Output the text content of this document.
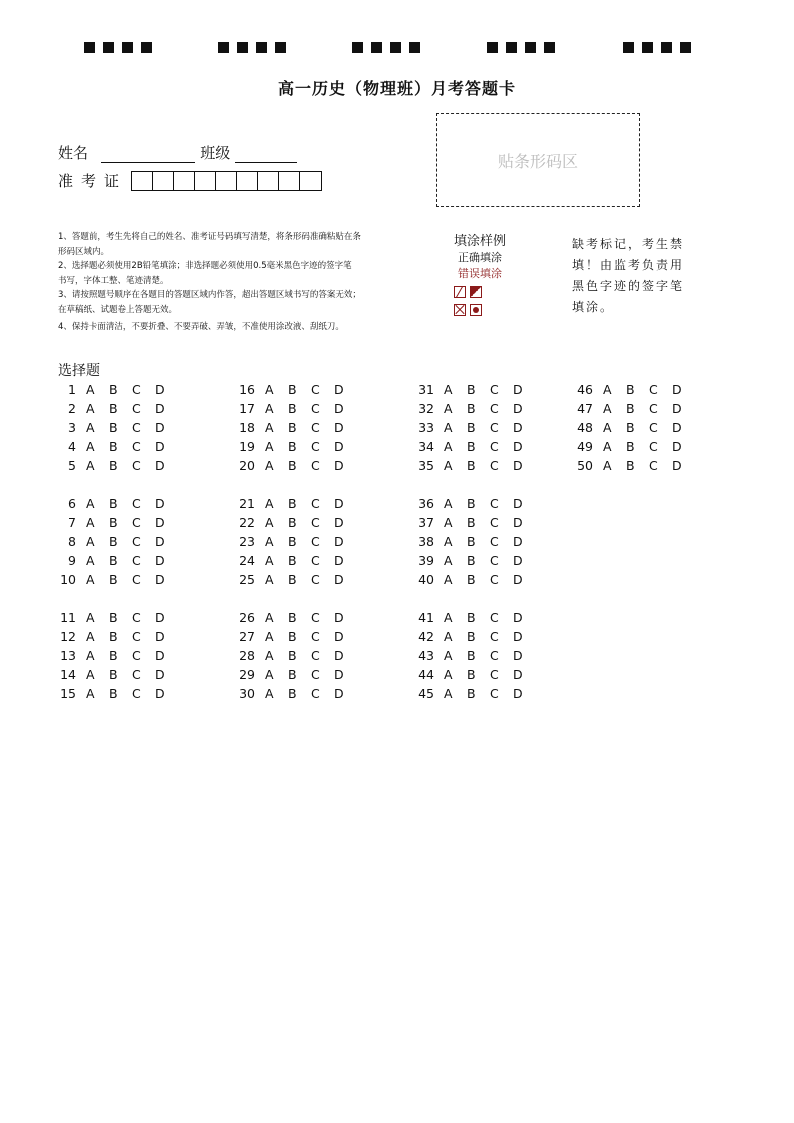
高一历史（物理班）月考答题卡
姓名	班级
准考证
贴条形码区
1、答题前，考生先将自己的姓名、准考证号码填写清楚，将条形码准确粘贴在条
形码区域内。
2、选择题必须使用2B铅笔填涂；非选择题必须使用0.5毫米黑色字迹的签字笔
书写，字体工整、笔迹清楚。
3、请按照题号顺序在各题目的答题区域内作答，超出答题区域书写的答案无效；
在草稿纸、试题卷上答题无效。
4、保持卡面清洁，不要折叠、不要弄破、弄皱，不准使用涂改液、刮纸刀。
填涂样例
正确填涂
错误填涂
缺考标记，考生禁填！由监考负责用黑色字迹的签字笔填涂。
选择题
1 A	B	C	D
2 A	B	C	D
3 A	B	C	D
4 A	B	C	D
5 A	B	C	D
6 A	B	C	D
7 A	B	C	D
8 A	B	C	D
9 A	B	C	D
10 A	B	C	D
11 A	B	C	D
12 A	B	C	D
13 A	B	C	D
14 A	B	C	D
15 A	B	C	D
16 A	B	C	D
17 A	B	C	D
18 A	B	C	D
19 A	B	C	D
20 A	B	C	D
21 A	B	C	D
22 A	B	C	D
23 A	B	C	D
24 A	B	C	D
25 A	B	C	D
26 A	B	C	D
27 A	B	C	D
28 A	B	C	D
29 A	B	C	D
30 A	B	C	D
31 A	B	C	D
32 A	B	C	D
33 A	B	C	D
34 A	B	C	D
35 A	B	C	D
36 A	B	C	D
37 A	B	C	D
38 A	B	C	D
39 A	B	C	D
40 A	B	C	D
41 A	B	C	D
42 A	B	C	D
43 A	B	C	D
44 A	B	C	D
45 A	B	C	D
46 A	B	C	D
47 A	B	C	D
48 A	B	C	D
49 A	B	C	D
50 A	B	C	D
